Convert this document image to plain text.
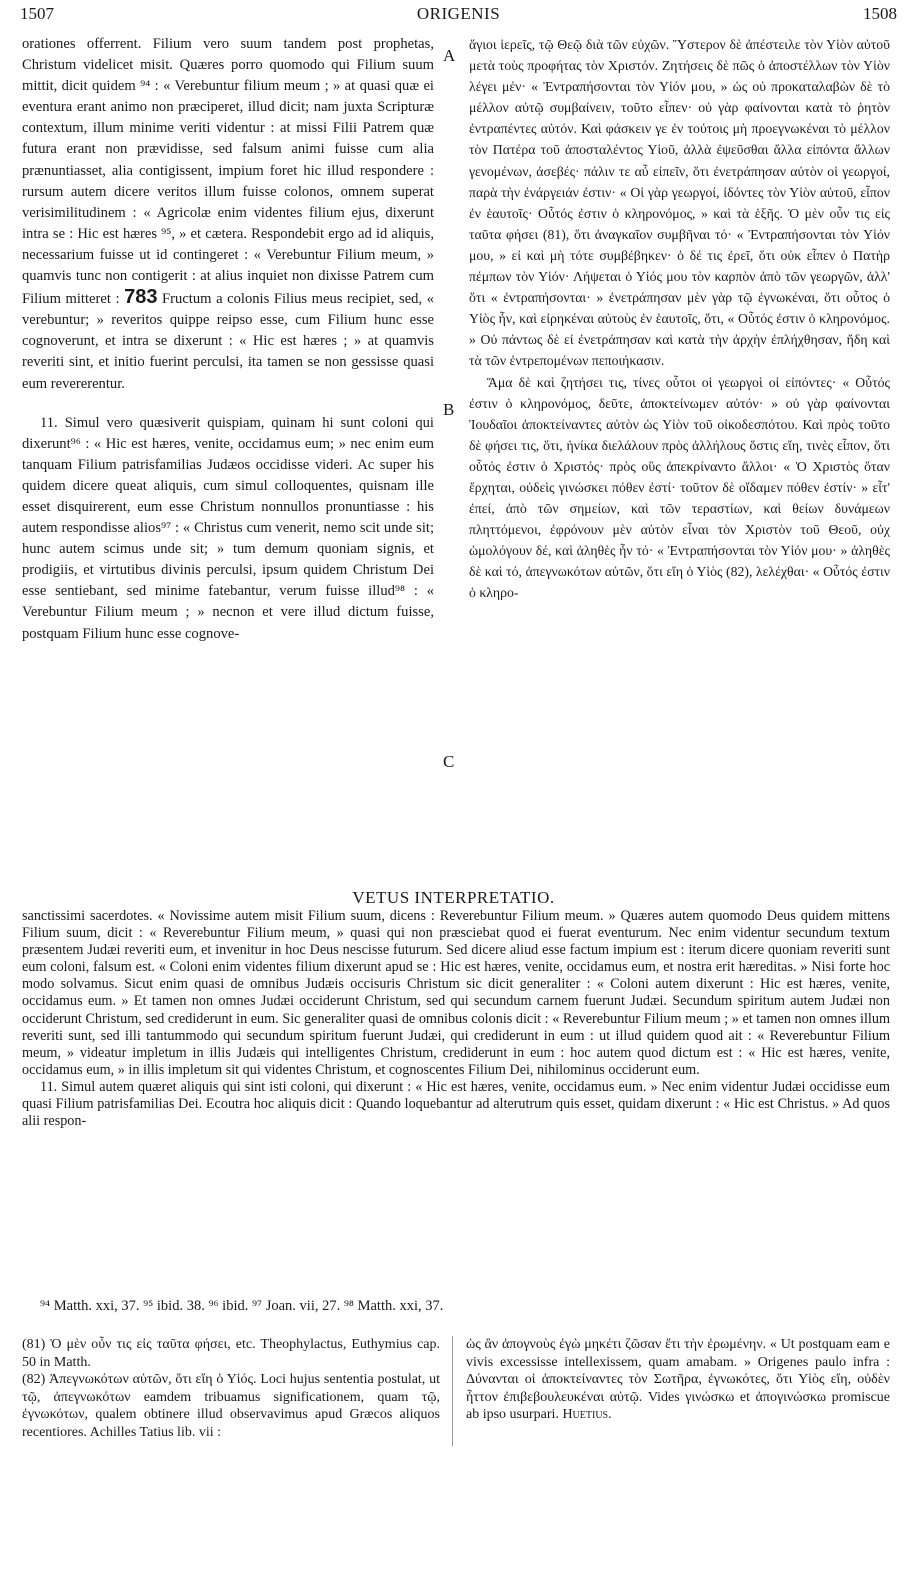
1507	ORIGENIS	1508

orationes offerrent. Filium vero suum tandem post prophetas, Christum videlicet misit. Quæres porro quomodo qui Filium suum mittit, dicit quidem ⁹⁴ : « Verebuntur filium meum ; » at quasi quæ ei eventura erant animo non præciperet, illud dicit; nam juxta Scripturæ contextum, illum minime veriti videntur : at missi Filii Patrem quæ futura erant non prævidisse, sed falsum animi fuisse cum alia prænuntiasset, alia contigissent, impium foret hic illud respondere : rursum autem dicere veritos illum fuisse colonos, omnem superat verisimilitudinem : « Agricolæ enim videntes filium ejus, dixerunt intra se : Hic est hæres ⁹⁵, » et cætera. Respondebit ergo ad id aliquis, necessarium fuisse ut id contingeret : « Verebuntur Filium meum, » quamvis tunc non contigerit : at alius inquiet non dixisse Patrem cum Filium mitteret : 783 Fructum a colonis Filius meus recipiet, sed, « verebuntur; » reveritos quippe reipso esse, cum Filium hunc esse cognoverunt, et intra se dixerunt : « Hic est hæres ; » at quamvis reveriti sint, et initio fuerint perculsi, ita tamen se non gessisse quasi eum revererentur.

11. Simul vero quæsiverit quispiam, quinam hi sunt coloni qui dixerunt⁹⁶ : « Hic est hæres, venite, occidamus eum; » nec enim eum tanquam Filium patrisfamilias Judæos occidisse videri. Ac super his quidem dicere queat aliquis, cum simul colloquentes, quisnam ille esset disquirerent, eum esse Christum nonnullos pronuntiasse : his autem respondisse alios⁹⁷ : « Christus cum venerit, nemo scit unde sit; hunc autem scimus unde sit; » tum demum quoniam signis, et prodigiis, et virtutibus divinis perculsi, ipsum quidem Christum Dei esse sentiebant, sed minime fatebantur, verum fuisse illud⁹⁸ : « Verebuntur Filium meum ; » necnon et vere illud dictum fuisse, postquam Filium hunc esse cognove-

A
B
C

ἅγιοι ἱερεῖς, τῷ Θεῷ διὰ τῶν εὐχῶν. Ὕστερον δὲ ἀπέστειλε τὸν Υἱὸν αὐτοῦ μετὰ τοὺς προφήτας τὸν Χριστόν. Ζητήσεις δὲ πῶς ὁ ἀποστέλλων τὸν Υἱὸν λέγει μέν· « Ἐντραπήσονται τὸν Υἱόν μου, » ὡς οὐ προκαταλαβὼν δὲ τὸ μέλλον αὐτῷ συμβαίνειν, τοῦτο εἶπεν· οὐ γὰρ φαίνονται κατὰ τὸ ῥητὸν ἐντραπέντες αὐτόν. Καὶ φάσκειν γε ἐν τούτοις μὴ προεγνωκέναι τὸ μέλλον τὸν Πατέρα τοῦ ἀποσταλέντος Υἱοῦ, ἀλλὰ ἐψεῦσθαι ἄλλα εἰπόντα ἄλλων γενομένων, ἀσεβές· πάλιν τε αὖ εἰπεῖν, ὅτι ἐνετράπησαν αὐτὸν οἱ γεωργοί, παρὰ τὴν ἐνάργειάν ἐστιν· « Οἱ γὰρ γεωργοί, ἰδόντες τὸν Υἱὸν αὐτοῦ, εἶπον ἐν ἑαυτοῖς· Οὗτός ἐστιν ὁ κληρονόμος, » καὶ τὰ ἑξῆς. Ὁ μὲν οὖν τις εἰς ταῦτα φήσει (81), ὅτι ἀναγκαῖον συμβῆναι τό· « Ἐντραπήσονται τὸν Υἱόν μου, » εἰ καὶ μὴ τότε συμβέβηκεν· ὁ δέ τις ἐρεῖ, ὅτι οὐκ εἶπεν ὁ Πατὴρ πέμπων τὸν Υἱόν· Λήψεται ὁ Υἱός μου τὸν καρπὸν ἀπὸ τῶν γεωργῶν, ἀλλ' ὅτι « ἐντραπήσονται· » ἐνετράπησαν μὲν γὰρ τῷ ἐγνωκέναι, ὅτι οὗτος ὁ Υἱὸς ἦν, καὶ εἰρηκέναι αὐτοὺς ἐν ἑαυτοῖς, ὅτι, « Οὗτός ἐστιν ὁ κληρονόμος. » Οὐ πάντως δὲ εἰ ἐνετράπησαν καὶ κατὰ τὴν ἀρχὴν ἐπλήχθησαν, ἤδη καὶ τὰ τῶν ἐντρεπομένων πεποιήκασιν.

Ἅμα δὲ καὶ ζητήσει τις, τίνες οὗτοι οἱ γεωργοὶ οἱ εἰπόντες· « Οὗτός ἐστιν ὁ κληρονόμος, δεῦτε, ἀποκτείνωμεν αὐτόν· » οὐ γὰρ φαίνονται Ἰουδαῖοι ἀποκτείναντες αὐτὸν ὡς Υἱὸν τοῦ οἰκοδεσπότου. Καὶ πρὸς τοῦτο δὲ φήσει τις, ὅτι, ἡνίκα διελάλουν πρὸς ἀλλήλους ὅστις εἴη, τινὲς εἶπον, ὅτι οὗτός ἐστιν ὁ Χριστός· πρὸς οὓς ἀπεκρίναντο ἄλλοι· « Ὁ Χριστὸς ὅταν ἔρχηται, οὐδεὶς γινώσκει πόθεν ἐστί· τοῦτον δὲ οἴδαμεν πόθεν ἐστίν· » εἶτ' ἐπεί, ἀπὸ τῶν σημείων, καὶ τῶν τεραστίων, καὶ θείων δυνάμεων πληττόμενοι, ἐφρόνουν μὲν αὐτὸν εἶναι τὸν Χριστὸν τοῦ Θεοῦ, οὐχ ὡμολόγουν δέ, καὶ ἀληθὲς ἦν τό· « Ἐντραπήσονται τὸν Υἱόν μου· » ἀληθὲς δὲ καὶ τό, ἀπεγνωκότων αὐτῶν, ὅτι εἴη ὁ Υἱὸς (82), λελέχθαι· « Οὗτός ἐστιν ὁ κληρο-

VETUS INTERPRETATIO.

sanctissimi sacerdotes. « Novissime autem misit Filium suum, dicens : Reverebuntur Filium meum. » Quæres autem quomodo Deus quidem mittens Filium suum, dicit : « Reverebuntur Filium meum, » quasi qui non præsciebat quod ei fuerat eventurum. Nec enim videntur secundum textum præsentem Judæi reveriti eum, et invenitur in hoc Deus nescisse futurum. Sed dicere aliud esse factum impium est : iterum dicere quoniam reveriti sunt eum coloni, falsum est. « Coloni enim videntes filium dixerunt apud se : Hic est hæres, venite, occidamus eum, et nostra erit hæreditas. » Nisi forte hoc modo solvamus. Sicut enim quasi de omnibus Judæis occisuris Christum sic dicit generaliter : « Coloni autem dixerunt : Hic est hæres, venite, occidamus eum. » Et tamen non omnes Judæi occiderunt Christum, sed qui secundum carnem fuerunt Judæi. Secundum spiritum autem Judæi non occiderunt Christum, sed crediderunt in eum. Sic generaliter quasi de omnibus colonis dicit : « Reverebuntur Filium meum ; » et tamen non omnes illum reveriti sunt, sed illi tantummodo qui secundum spiritum fuerunt Judæi, qui crediderunt in eum : ut illud quidem quod ait : « Reverebuntur Filium meum, » videatur impletum in illis Judæis qui intelligentes Christum, crediderunt in eum : hoc autem quod dictum est : « Hic est hæres, venite, occidamus eum, » in illis impletum sit qui videntes Christum, et cognoscentes Filium Dei, nihilominus occiderunt eum.

11. Simul autem quæret aliquis qui sint isti coloni, qui dixerunt : « Hic est hæres, venite, occidamus eum. » Nec enim videntur Judæi occidisse eum quasi Filium patrisfamilias Dei. Ecoutra hoc aliquis dicit : Quando loquebantur ad alterutrum quis esset, quidam dixerunt : « Hic est Christus. » Ad quos alii respon-

⁹⁴ Matth. xxi, 37. ⁹⁵ ibid. 38. ⁹⁶ ibid. ⁹⁷ Joan. vii, 27. ⁹⁸ Matth. xxi, 37.

(81) Ὁ μὲν οὖν τις εἰς ταῦτα φήσει, etc. Theophylactus, Euthymius cap. 50 in Matth.

(82) Ἀπεγνωκότων αὐτῶν, ὅτι εἴη ὁ Υἱός. Loci hujus sententia postulat, ut τῷ, ἀπεγνωκότων eamdem tribuamus significationem, quam τῷ, ἐγνωκότων, qualem obtinere illud observavimus apud Græcos aliquos recentiores. Achilles Tatius lib. vii :

ὡς ἂν ἀπογνοὺς ἐγὼ μηκέτι ζῶσαν ἔτι τὴν ἐρωμένην. « Ut postquam eam e vivis excessisse intellexissem, quam amabam. » Origenes paulo infra : Δύνανται οἱ ἀποκτείναντες τὸν Σωτῆρα, ἐγνωκότες, ὅτι Υἱὸς εἴη, οὐδὲν ἧττον ἐπιβεβουλευκέναι αὐτῷ. Vides γινώσκω et ἀπογινώσκω promiscue ab ipso usurpari. Huetius.
